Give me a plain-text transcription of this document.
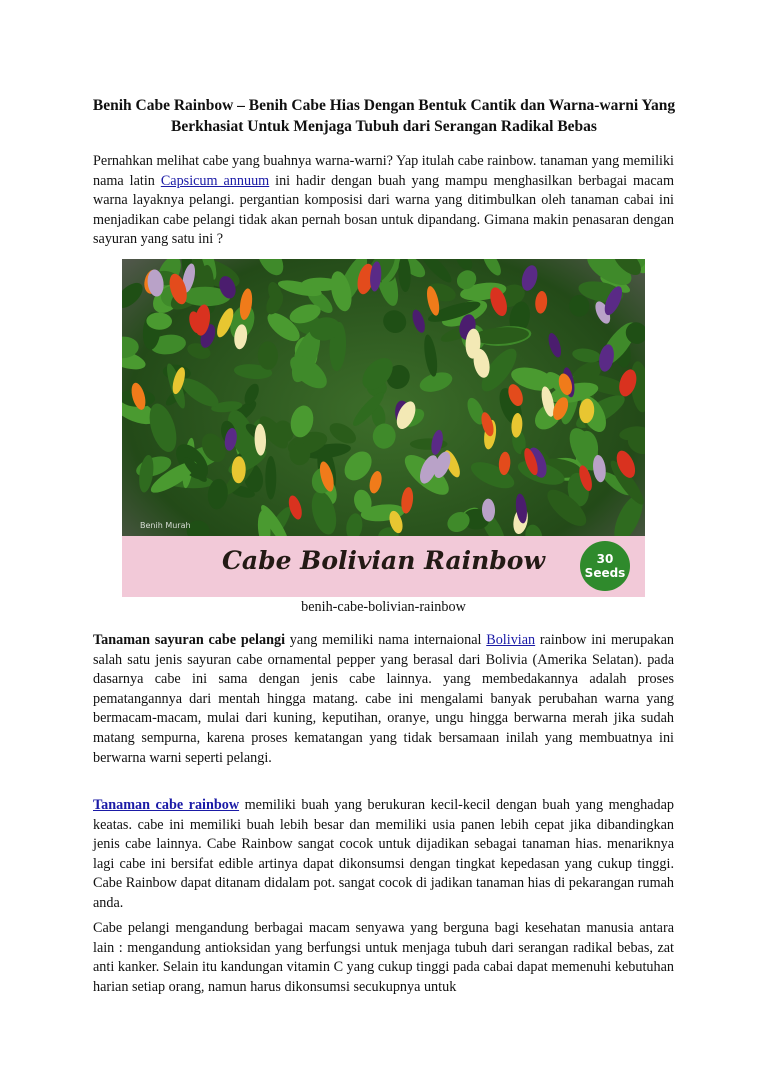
Benih Cabe Rainbow – Benih Cabe Hias Dengan Bentuk Cantik dan Warna-warni Yang Berkhasiat Untuk Menjaga Tubuh dari Serangan Radikal Bebas

Pernahkan melihat cabe yang buahnya warna-warni? Yap itulah cabe rainbow. tanaman yang memiliki nama latin Capsicum annuum ini hadir dengan buah yang mampu menghasilkan berbagai macam warna layaknya pelangi. pergantian komposisi dari warna yang ditimbulkan oleh tanaman cabai ini menjadikan cabe pelangi tidak akan pernah bosan untuk dipandang. Gimana makin penasaran dengan sayuran yang satu ini ?

Benih Murah
Cabe Bolivian Rainbow	30
Seeds

benih-cabe-bolivian-rainbow

Tanaman sayuran cabe pelangi yang memiliki nama internaional Bolivian rainbow ini merupakan salah satu jenis sayuran cabe ornamental pepper yang berasal dari Bolivia (Amerika Selatan). pada dasarnya cabe ini sama dengan jenis cabe lainnya. yang membedakannya adalah proses pematangannya dari mentah hingga matang. cabe ini mengalami banyak perubahan warna yang bermacam-macam, mulai dari kuning, keputihan, oranye, ungu hingga berwarna merah jika sudah matang sempurna, karena proses kematangan yang tidak bersamaan inilah yang membuatnya ini berwarna warni seperti pelangi.

Tanaman cabe rainbow memiliki buah yang berukuran kecil-kecil dengan buah yang menghadap keatas. cabe ini memiliki buah lebih besar dan memiliki usia panen lebih cepat jika dibandingkan jenis cabe lainnya. Cabe Rainbow sangat cocok untuk dijadikan sebagai tanaman hias. menariknya lagi cabe ini bersifat edible artinya dapat dikonsumsi dengan tingkat kepedasan yang cukup tinggi. Cabe Rainbow dapat ditanam didalam pot. sangat cocok di jadikan tanaman hias di pekarangan rumah anda.

Cabe pelangi mengandung berbagai macam senyawa yang berguna bagi kesehatan manusia antara lain : mengandung antioksidan yang berfungsi untuk menjaga tubuh dari serangan radikal bebas, zat anti kanker. Selain itu kandungan vitamin C yang cukup tinggi pada cabai dapat memenuhi kebutuhan harian setiap orang, namun harus dikonsumsi secukupnya untuk
